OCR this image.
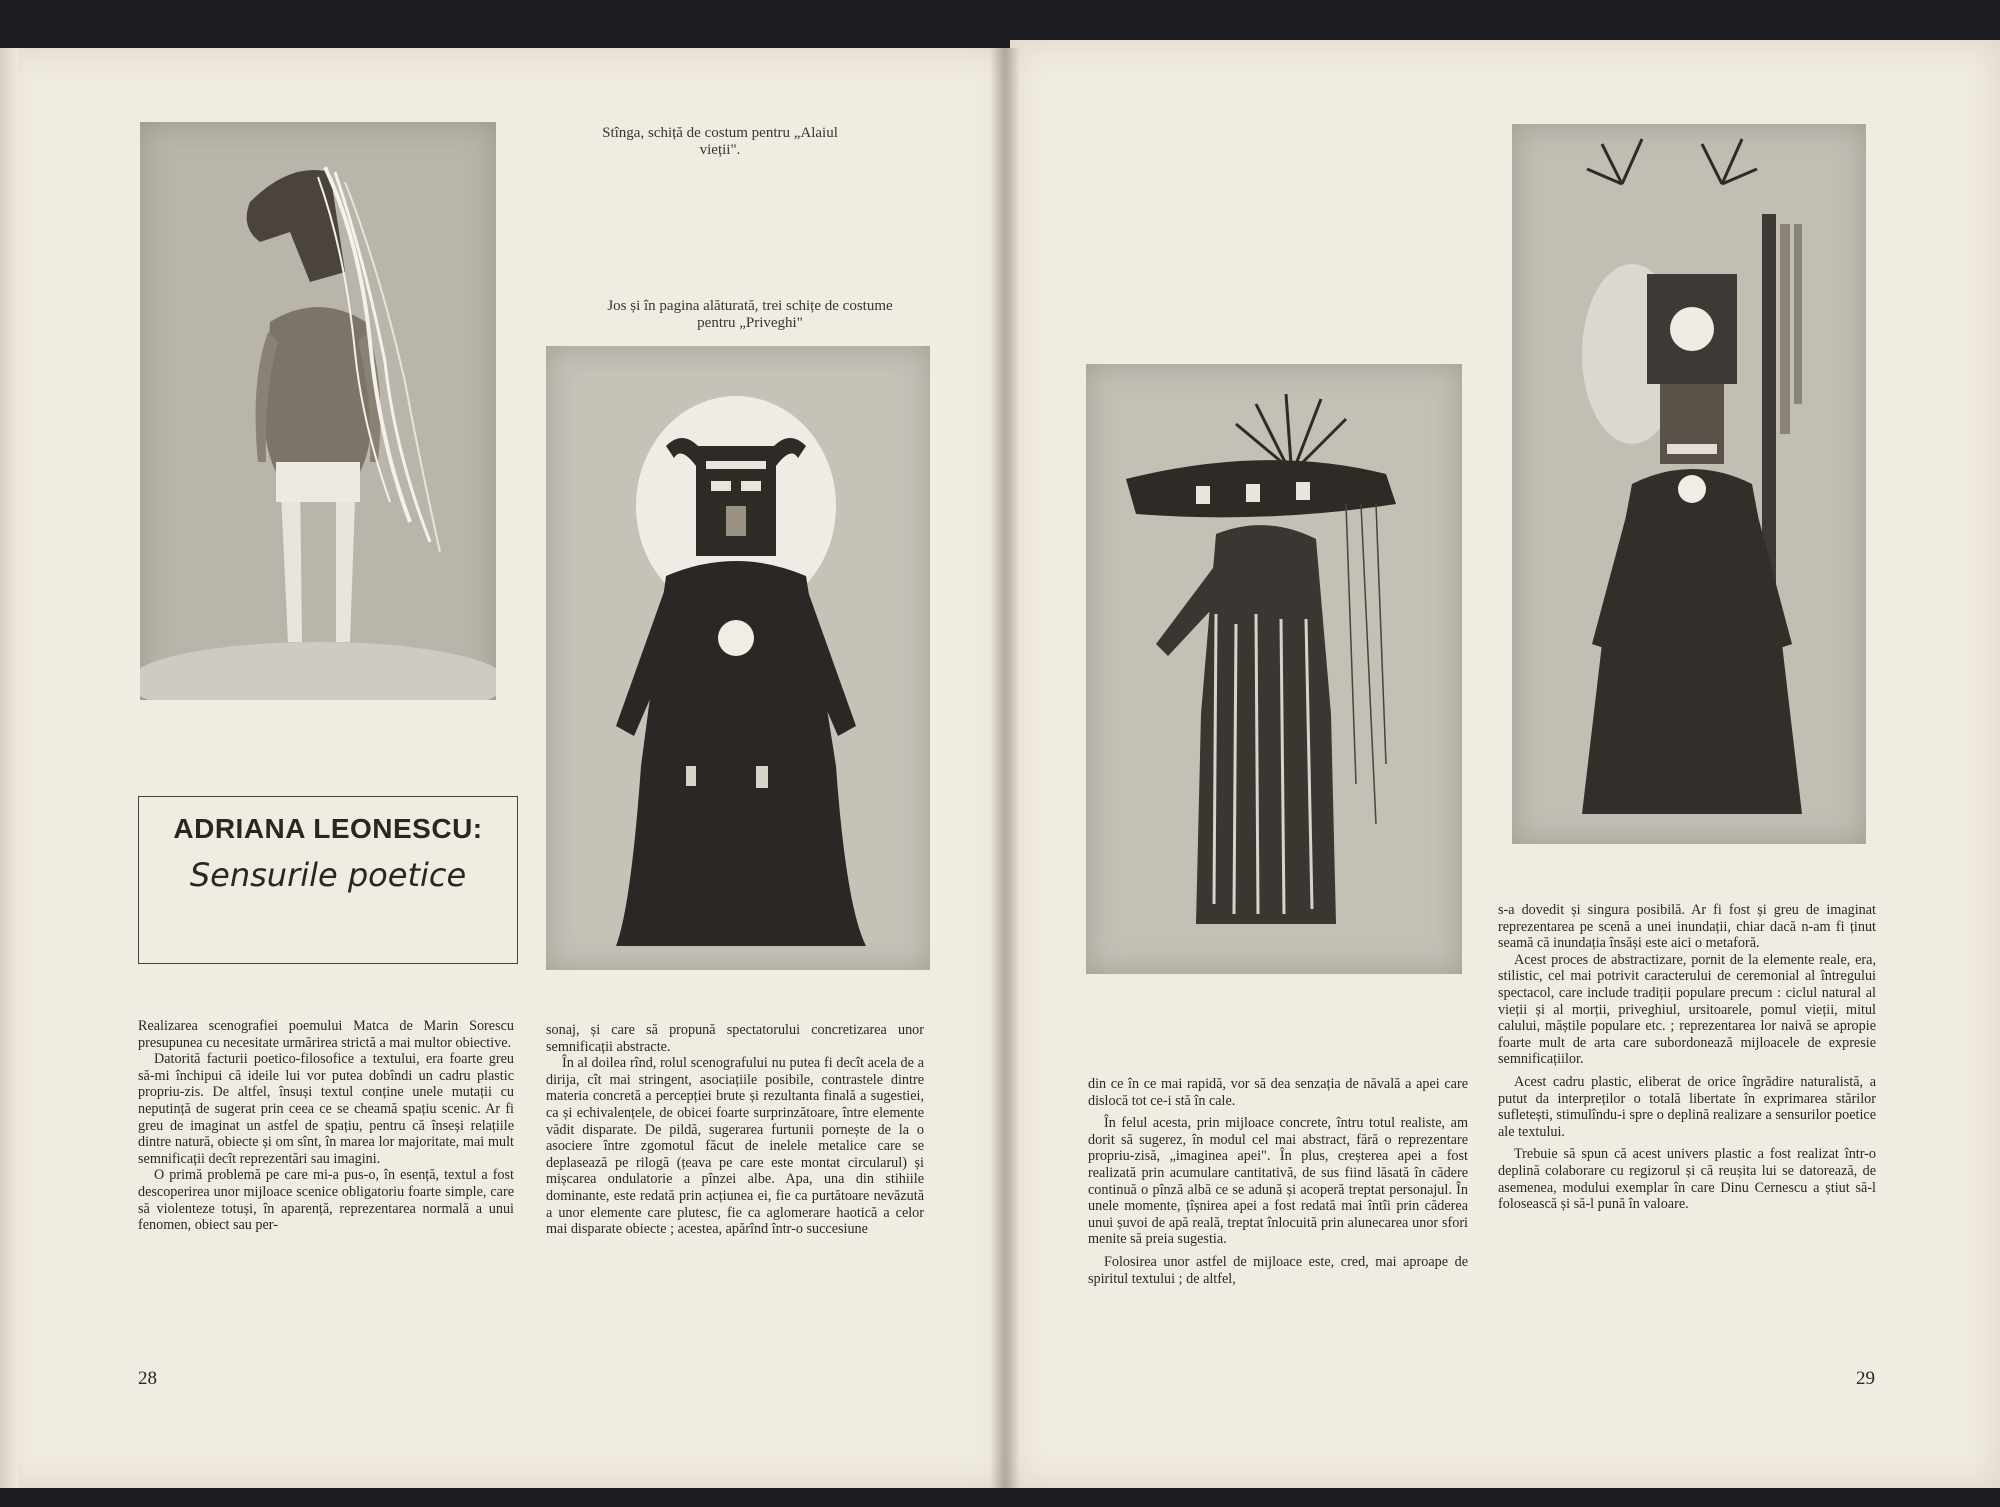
Stînga, schiță de costum pentru „Alaiul vieții".
Jos și în pagina alăturată, trei schițe de costume pentru „Priveghi"
ADRIANA LEONESCU:
Sensurile poetice

Realizarea scenografiei poemului Matca de Marin Sorescu presupunea cu necesitate urmărirea strictă a mai multor obiective.

Datorită facturii poetico-filosofice a textului, era foarte greu să-mi închipui că ideile lui vor putea dobîndi un cadru plastic propriu-zis. De altfel, însuși textul conține unele mutații cu neputință de sugerat prin ceea ce se cheamă spațiu scenic. Ar fi greu de imaginat un astfel de spațiu, pentru că înseși relațiile dintre natură, obiecte și om sînt, în marea lor majoritate, mai mult semnificații decît reprezentări sau imagini.

O primă problemă pe care mi-a pus-o, în esență, textul a fost descoperirea unor mijloace scenice obligatoriu foarte simple, care să violenteze totuși, în aparență, reprezentarea normală a unui fenomen, obiect sau per-

sonaj, și care să propună spectatorului concretizarea unor semnificații abstracte.

În al doilea rînd, rolul scenografului nu putea fi decît acela de a dirija, cît mai stringent, asociațiile posibile, contrastele dintre materia concretă a percepției brute și rezultanta finală a sugestiei, ca și echivalențele, de obicei foarte surprinzătoare, între elemente vădit disparate. De pildă, sugerarea furtunii pornește de la o asociere între zgomotul făcut de inelele metalice care se deplasează pe rilogă (țeava pe care este montat circularul) și mișcarea ondulatorie a pînzei albe. Apa, una din stihiile dominante, este redată prin acțiunea ei, fie ca purtătoare nevăzută a unor elemente care plutesc, fie ca aglomerare haotică a celor mai disparate obiecte ; acestea, apărînd într-o succesiune

28

din ce în ce mai rapidă, vor să dea senzația de năvală a apei care dislocă tot ce-i stă în cale.

În felul acesta, prin mijloace concrete, întru totul realiste, am dorit să sugerez, în modul cel mai abstract, fără o reprezentare propriu-zisă, „imaginea apei". În plus, creșterea apei a fost realizată prin acumulare cantitativă, de sus fiind lăsată în cădere continuă o pînză albă ce se adună și acoperă treptat personajul. În unele momente, țîșnirea apei a fost redată mai întîi prin căderea unui șuvoi de apă reală, treptat înlocuită prin alunecarea unor sfori menite să preia sugestia.

Folosirea unor astfel de mijloace este, cred, mai aproape de spiritul textului ; de altfel,

s-a dovedit și singura posibilă. Ar fi fost și greu de imaginat reprezentarea pe scenă a unei inundații, chiar dacă n-am fi ținut seamă că inundația însăși este aici o metaforă.

Acest proces de abstractizare, pornit de la elemente reale, era, stilistic, cel mai potrivit caracterului de ceremonial al întregului spectacol, care include tradiții populare precum : ciclul natural al vieții și al morții, priveghiul, ursitoarele, pomul vieții, mitul calului, măștile populare etc. ; reprezentarea lor naivă se apropie foarte mult de arta care subordonează mijloacele de expresie semnificațiilor.

Acest cadru plastic, eliberat de orice îngrădire naturalistă, a putut da interpreților o totală libertate în exprimarea stărilor sufletești, stimulîndu-i spre o deplină realizare a sensurilor poetice ale textului.

Trebuie să spun că acest univers plastic a fost realizat într-o deplină colaborare cu regizorul și că reușita lui se datorează, de asemenea, modului exemplar în care Dinu Cernescu a știut să-l folosească și să-l pună în valoare.

29
